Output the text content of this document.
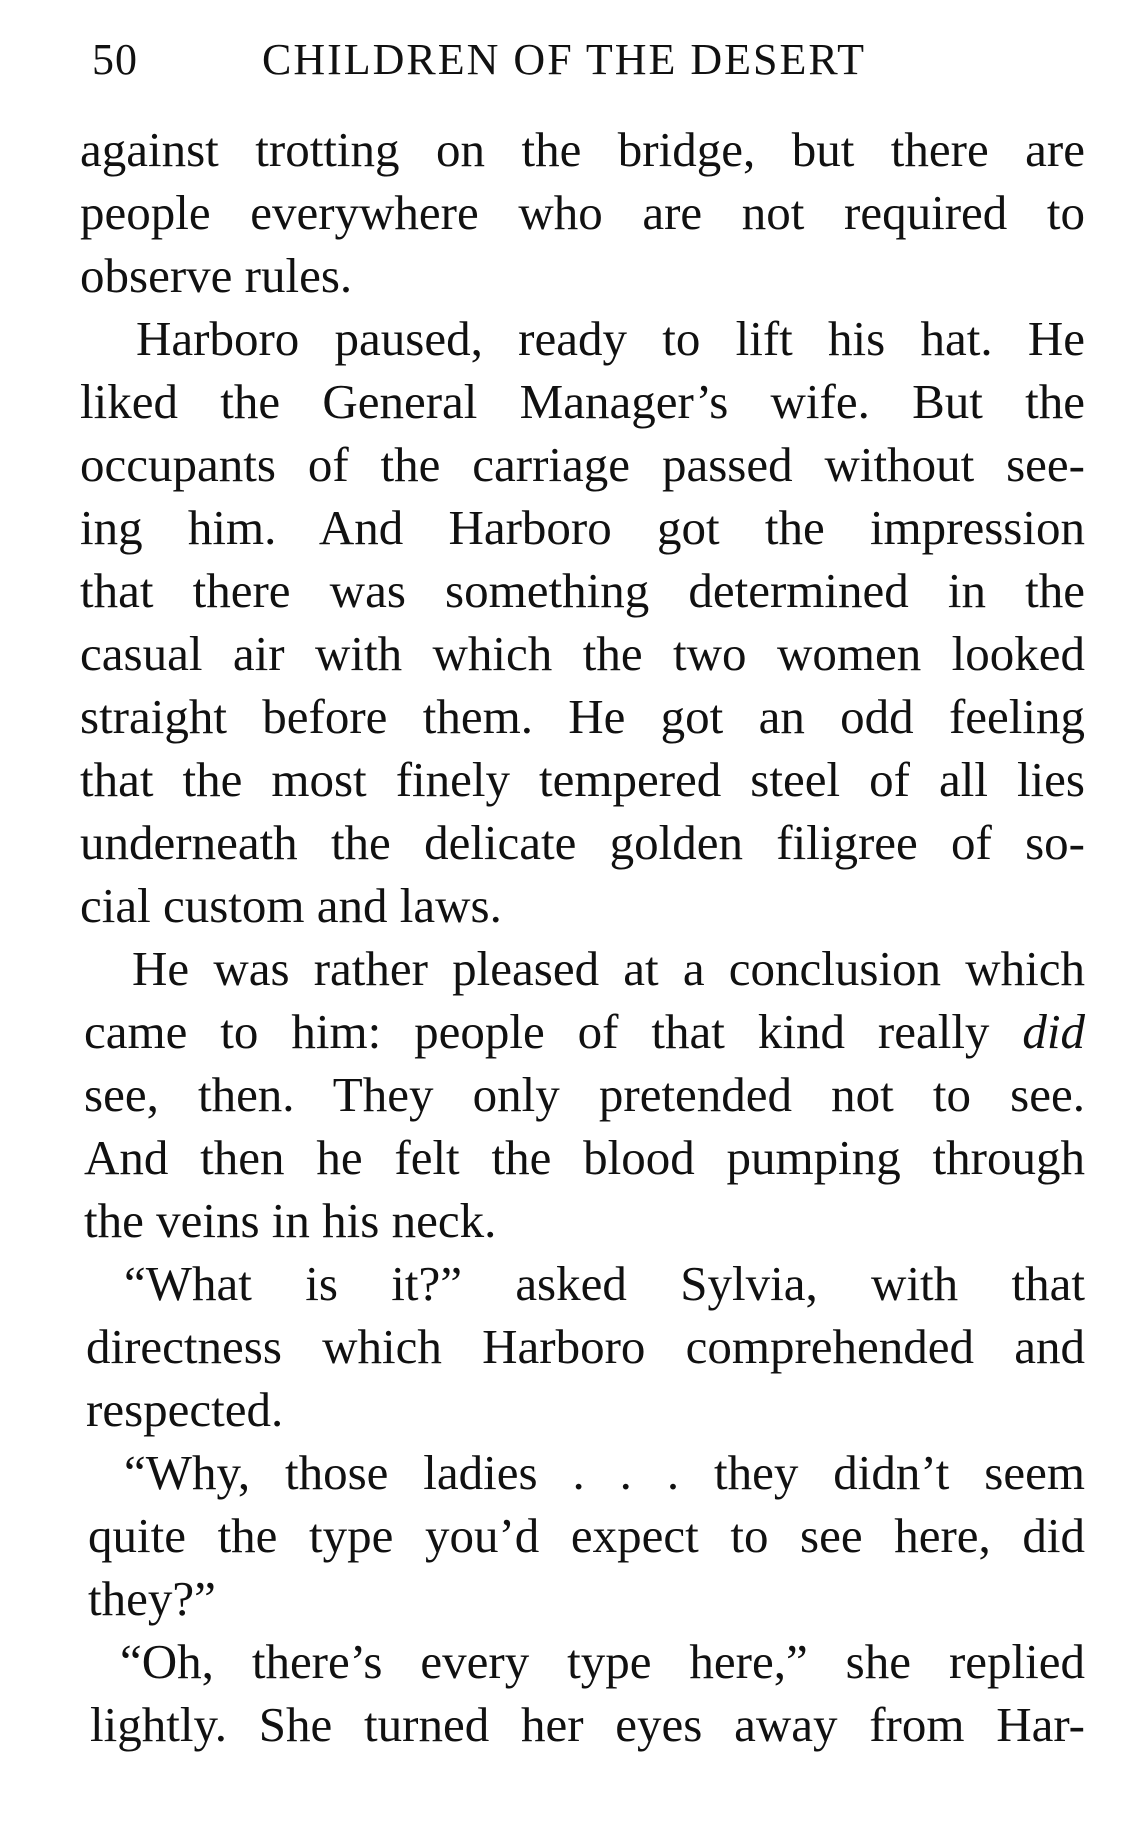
50	CHILDREN OF THE DESERT
against trotting on the bridge, but there are
people everywhere who are not required to
observe rules.
Harboro paused, ready to lift his hat. He
liked the General Manager’s wife. But the
occupants of the carriage passed without see-
ing him. And Harboro got the impression
that there was something determined in the
casual air with which the two women looked
straight before them. He got an odd feeling
that the most finely tempered steel of all lies
underneath the delicate golden filigree of so-
cial custom and laws.
He was rather pleased at a conclusion which
came to him: people of that kind really did
see, then. They only pretended not to see.
And then he felt the blood pumping through
the veins in his neck.
“What is it?” asked Sylvia, with that
directness which Harboro comprehended and
respected.
“Why, those ladies . . . they didn’t seem
quite the type you’d expect to see here, did
they?”
“Oh, there’s every type here,” she replied
lightly. She turned her eyes away from Har-
